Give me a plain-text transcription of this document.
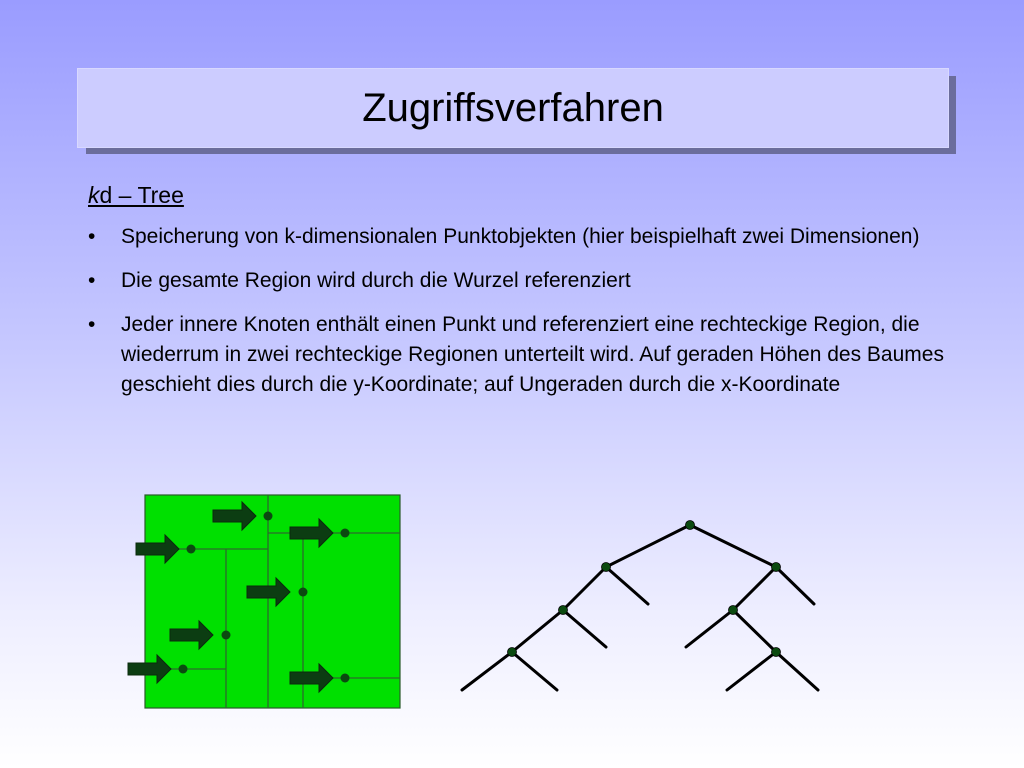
Zugriffsverfahren
kd – Tree
• Speicherung von k-dimensionalen Punktobjekten (hier beispielhaft zwei Dimensionen)
• Die gesamte Region wird durch die Wurzel referenziert
• Jeder innere Knoten enthält einen Punkt und referenziert eine rechteckige Region, die wiederrum in zwei rechteckige Regionen unterteilt wird. Auf geraden Höhen des Baumes geschieht dies durch die y-Koordinate; auf Ungeraden durch die x-Koordinate
